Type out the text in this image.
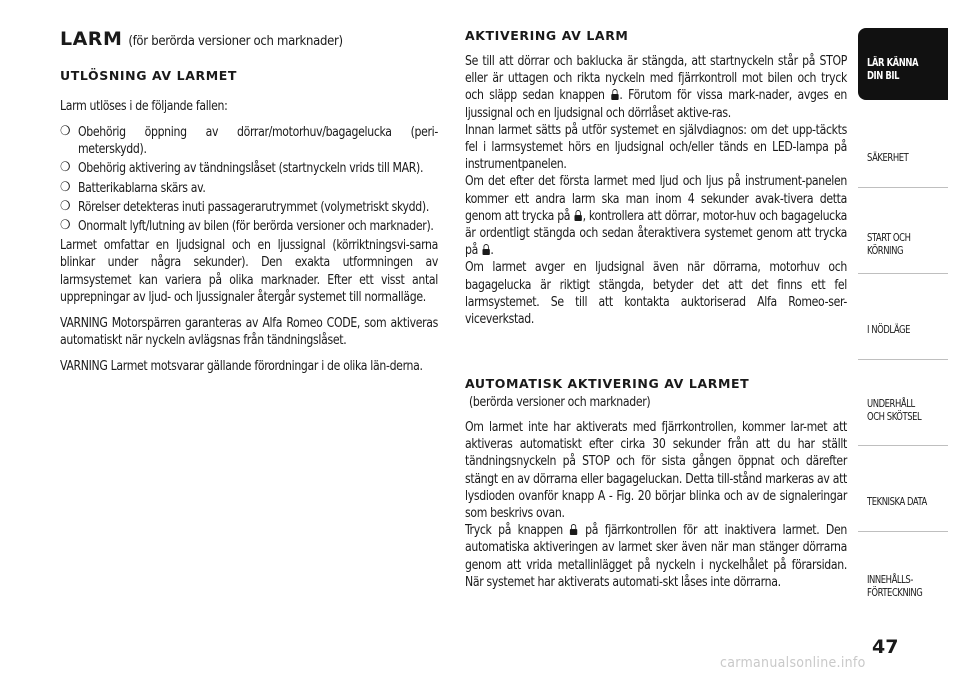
LARM (för berörda versioner och marknader)

UTLÖSNING AV LARMET

Larm utlöses i de följande fallen:

❍ Obehörig öppning av dörrar/motorhuv/bagagelucka (peri-meterskydd).

❍ Obehörig aktivering av tändningslåset (startnyckeln vrids till MAR).

❍ Batterikablarna skärs av.

❍ Rörelser detekteras inuti passagerarutrymmet (volymetriskt skydd).

❍ Onormalt lyft/lutning av bilen (för berörda versioner och marknader).

Larmet omfattar en ljudsignal och en ljussignal (körriktningsvi-sarna blinkar under några sekunder). Den exakta utformningen av larmsystemet kan variera på olika marknader. Efter ett visst antal upprepningar av ljud- och ljussignaler återgår systemet till normalläge.

VARNING Motorspärren garanteras av Alfa Romeo CODE, som aktiveras automatiskt när nyckeln avlägsnas från tändningslåset.

VARNING Larmet motsvarar gällande förordningar i de olika län-derna.

AKTIVERING AV LARM

Se till att dörrar och baklucka är stängda, att startnyckeln står på STOP eller är uttagen och rikta nyckeln med fjärrkontroll mot bilen och tryck och släpp sedan knappen . Förutom för vissa mark-nader, avges en ljussignal och en ljudsignal och dörrlåset aktive-ras.

Innan larmet sätts på utför systemet en självdiagnos: om det upp-täckts fel i larmsystemet hörs en ljudsignal och/eller tänds en LED-lampa på instrumentpanelen.

Om det efter det första larmet med ljud och ljus på instrument-panelen kommer ett andra larm ska man inom 4 sekunder avak-tivera detta genom att trycka på , kontrollera att dörrar, motor-huv och bagagelucka är ordentligt stängda och sedan återaktivera systemet genom att trycka på .

Om larmet avger en ljudsignal även när dörrarna, motorhuv och bagagelucka är riktigt stängda, betyder det att det finns ett fel larmsystemet. Se till att kontakta auktoriserad Alfa Romeo-ser-viceverkstad.

AUTOMATISK AKTIVERING AV LARMET

(berörda versioner och marknader)

Om larmet inte har aktiverats med fjärrkontrollen, kommer lar-met att aktiveras automatiskt efter cirka 30 sekunder från att du har ställt tändningsnyckeln på STOP och för sista gången öppnat och därefter stängt en av dörrarna eller bagageluckan. Detta till-stånd markeras av att lysdioden ovanför knapp A - Fig. 20 börjar blinka och av de signaleringar som beskrivs ovan.

Tryck på knappen på fjärrkontrollen för att inaktivera larmet. Den automatiska aktiveringen av larmet sker även när man stänger dörrarna genom att vrida metallinlägget på nyckeln i nyckelhålet på förarsidan. När systemet har aktiverats automati-skt låses inte dörrarna.

LÄR KÄNNA
DIN BIL
SÄKERHET
START OCH
KÖRNING
I NÖDLÄGE
UNDERHÅLL
OCH SKÖTSEL
TEKNISKA DATA
INNEHÅLLS-
FÖRTECKNING
47
carmanualsonline.info
